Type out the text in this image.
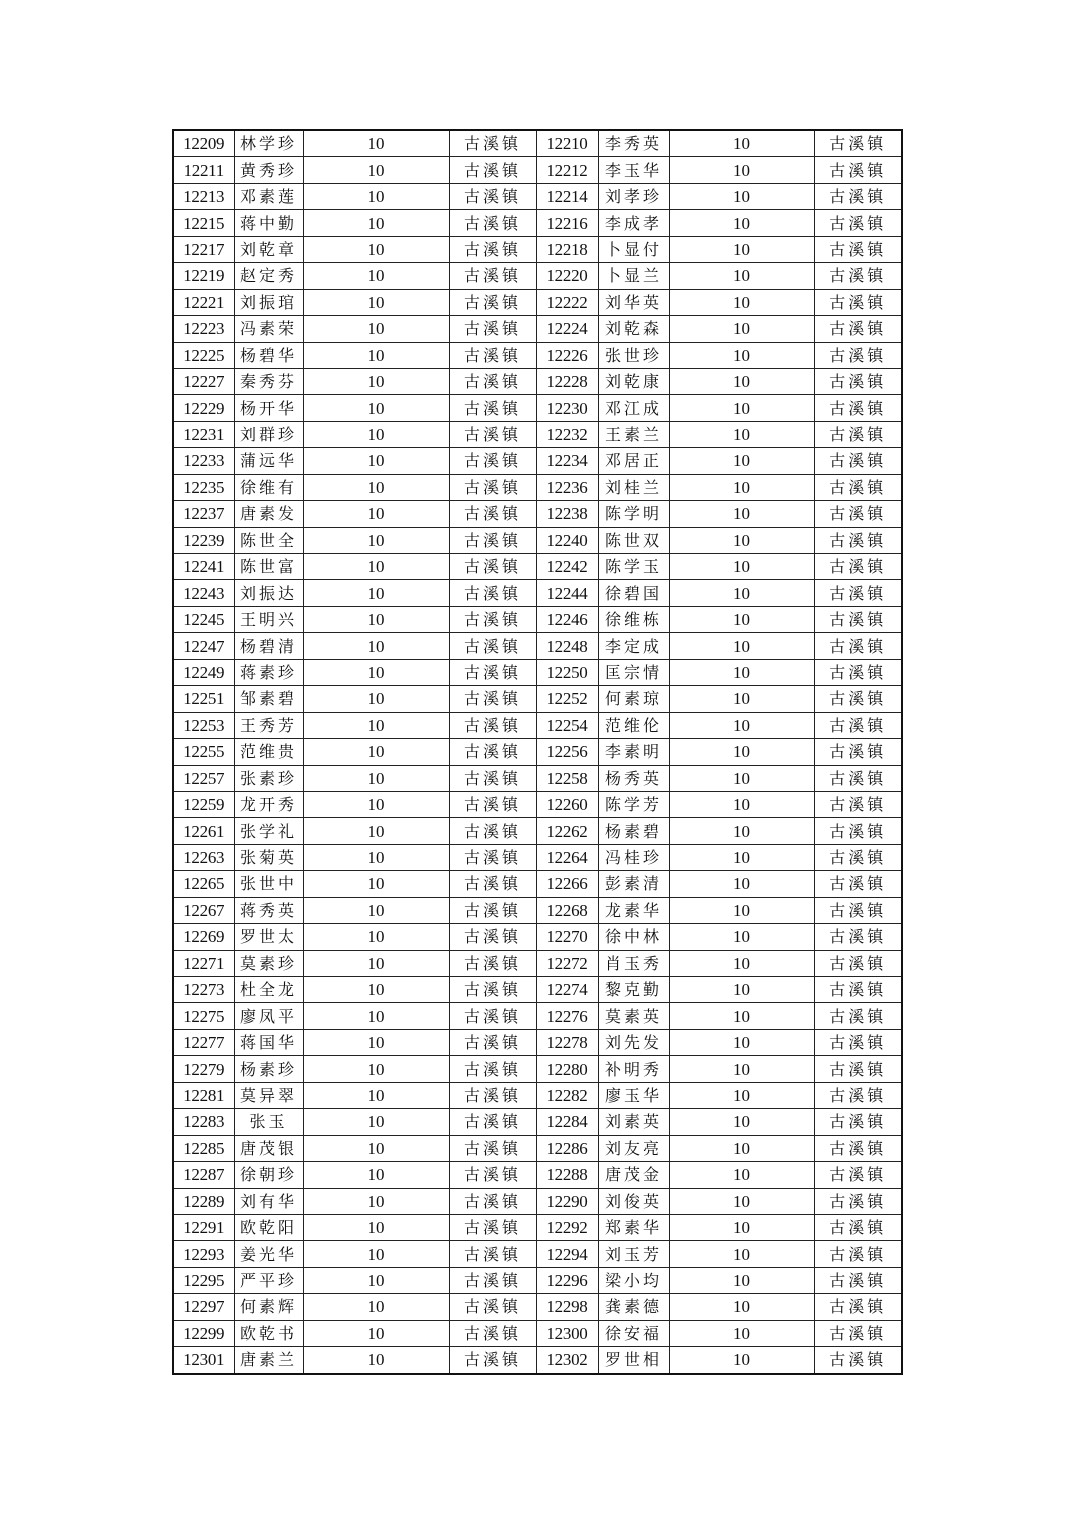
12209	林学珍	10	古溪镇	12210	李秀英	10	古溪镇
12211	黄秀珍	10	古溪镇	12212	李玉华	10	古溪镇
12213	邓素莲	10	古溪镇	12214	刘孝珍	10	古溪镇
12215	蒋中勤	10	古溪镇	12216	李成孝	10	古溪镇
12217	刘乾章	10	古溪镇	12218	卜显付	10	古溪镇
12219	赵定秀	10	古溪镇	12220	卜显兰	10	古溪镇
12221	刘振琯	10	古溪镇	12222	刘华英	10	古溪镇
12223	冯素荣	10	古溪镇	12224	刘乾森	10	古溪镇
12225	杨碧华	10	古溪镇	12226	张世珍	10	古溪镇
12227	秦秀芬	10	古溪镇	12228	刘乾康	10	古溪镇
12229	杨开华	10	古溪镇	12230	邓江成	10	古溪镇
12231	刘群珍	10	古溪镇	12232	王素兰	10	古溪镇
12233	蒲远华	10	古溪镇	12234	邓居正	10	古溪镇
12235	徐维有	10	古溪镇	12236	刘桂兰	10	古溪镇
12237	唐素发	10	古溪镇	12238	陈学明	10	古溪镇
12239	陈世全	10	古溪镇	12240	陈世双	10	古溪镇
12241	陈世富	10	古溪镇	12242	陈学玉	10	古溪镇
12243	刘振达	10	古溪镇	12244	徐碧国	10	古溪镇
12245	王明兴	10	古溪镇	12246	徐维栋	10	古溪镇
12247	杨碧清	10	古溪镇	12248	李定成	10	古溪镇
12249	蒋素珍	10	古溪镇	12250	匡宗情	10	古溪镇
12251	邹素碧	10	古溪镇	12252	何素琼	10	古溪镇
12253	王秀芳	10	古溪镇	12254	范维伦	10	古溪镇
12255	范维贵	10	古溪镇	12256	李素明	10	古溪镇
12257	张素珍	10	古溪镇	12258	杨秀英	10	古溪镇
12259	龙开秀	10	古溪镇	12260	陈学芳	10	古溪镇
12261	张学礼	10	古溪镇	12262	杨素碧	10	古溪镇
12263	张菊英	10	古溪镇	12264	冯桂珍	10	古溪镇
12265	张世中	10	古溪镇	12266	彭素清	10	古溪镇
12267	蒋秀英	10	古溪镇	12268	龙素华	10	古溪镇
12269	罗世太	10	古溪镇	12270	徐中林	10	古溪镇
12271	莫素珍	10	古溪镇	12272	肖玉秀	10	古溪镇
12273	杜全龙	10	古溪镇	12274	黎克勤	10	古溪镇
12275	廖凤平	10	古溪镇	12276	莫素英	10	古溪镇
12277	蒋国华	10	古溪镇	12278	刘先发	10	古溪镇
12279	杨素珍	10	古溪镇	12280	补明秀	10	古溪镇
12281	莫异翠	10	古溪镇	12282	廖玉华	10	古溪镇
12283	张玉	10	古溪镇	12284	刘素英	10	古溪镇
12285	唐茂银	10	古溪镇	12286	刘友亮	10	古溪镇
12287	徐朝珍	10	古溪镇	12288	唐茂金	10	古溪镇
12289	刘有华	10	古溪镇	12290	刘俊英	10	古溪镇
12291	欧乾阳	10	古溪镇	12292	郑素华	10	古溪镇
12293	姜光华	10	古溪镇	12294	刘玉芳	10	古溪镇
12295	严平珍	10	古溪镇	12296	梁小均	10	古溪镇
12297	何素辉	10	古溪镇	12298	龚素德	10	古溪镇
12299	欧乾书	10	古溪镇	12300	徐安福	10	古溪镇
12301	唐素兰	10	古溪镇	12302	罗世相	10	古溪镇
